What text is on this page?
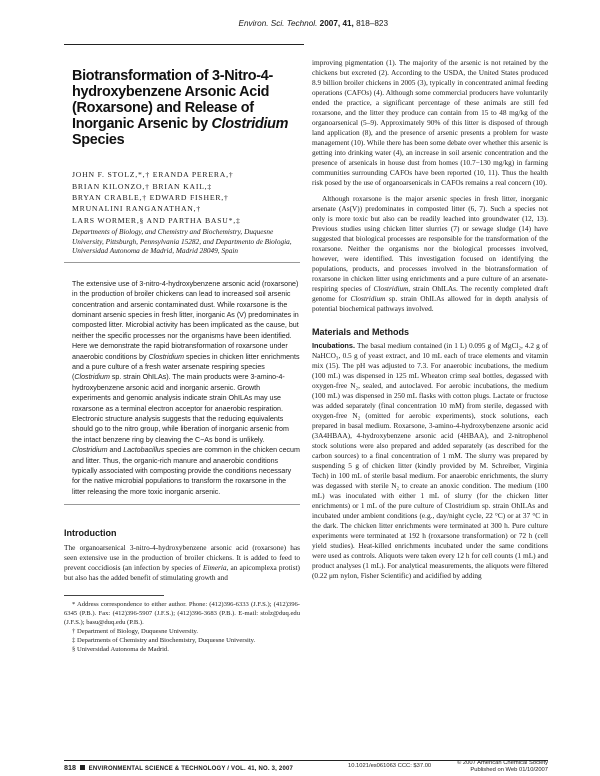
Environ. Sci. Technol. 2007, 41, 818–823
Biotransformation of 3-Nitro-4-hydroxybenzene Arsonic Acid (Roxarsone) and Release of Inorganic Arsenic by Clostridium Species
JOHN F. STOLZ,*,† ERANDA PERERA,†
BRIAN KILONZO,† BRIAN KAIL,‡
BRYAN CRABLE,† EDWARD FISHER,†
MRUNALINI RANGANATHAN,†
LARS WORMER,§ AND PARTHA BASU*,‡
Departments of Biology, and Chemistry and Biochemistry, Duquesne University, Pittsburgh, Pennsylvania 15282, and Departmento de Biologia, Universidad Autonoma de Madrid, Madrid 28049, Spain
The extensive use of 3-nitro-4-hydroxybenzene arsonic acid (roxarsone) in the production of broiler chickens can lead to increased soil arsenic concentration and arsenic contaminated dust. While roxarsone is the dominant arsenic species in fresh litter, inorganic As (V) predominates in composted litter. Microbial activity has been implicated as the cause, but neither the specific processes nor the organisms have been identified. Here we demonstrate the rapid biotransformation of roxarsone under anaerobic conditions by Clostridium species in chicken litter enrichments and a pure culture of a fresh water arsenate respiring species (Clostridium sp. strain OhILAs). The main products were 3-amino-4-hydroxybenzene arsonic acid and inorganic arsenic. Growth experiments and genomic analysis indicate strain OhILAs may use roxarsone as a terminal electron acceptor for anaerobic respiration. Electronic structure analysis suggests that the reducing equivalents should go to the nitro group, while liberation of inorganic arsenic from the intact benzene ring by cleaving the C−As bond is unlikely. Clostridium and Lactobacillus species are common in the chicken cecum and litter. Thus, the organic-rich manure and anaerobic conditions typically associated with composting provide the conditions necessary for the native microbial populations to transform the roxarsone in the litter releasing the more toxic inorganic arsenic.
Introduction

The organoarsenical 3-nitro-4-hydroxybenzene arsonic acid (roxarsone) has seen extensive use in the production of broiler chickens. It is added to feed to prevent coccidiosis (an infection by species of Eimeria, an apicomplexa protist) but also has the added benefit of stimulating growth and

* Address correspondence to either author. Phone: (412)396-6333 (J.F.S.); (412)396-6345 (P.B.). Fax: (412)396-5907 (J.F.S.); (412)396-3683 (P.B.). E-mail: stolz@duq.edu (J.F.S.); basu@duq.edu (P.B.).

† Department of Biology, Duquesne University.

‡ Departments of Chemistry and Biochemistry, Duquesne University.

§ Universidad Autonoma de Madrid.

improving pigmentation (1). The majority of the arsenic is not retained by the chickens but excreted (2). According to the USDA, the United States produced 8.9 billion broiler chickens in 2005 (3), typically in concentrated animal feeding operations (CAFOs) (4). Although some commercial producers have voluntarily ended the practice, a significant percentage of these animals are still fed roxarsone, and the litter they produce can contain from 15 to 48 mg/kg of the organoarsenical (5–9). Approximately 90% of this litter is disposed of through land application (8), and the presence of arsenic presents a problem for waste management (10). While there has been some debate over whether this arsenic is getting into drinking water (4), an increase in soil arsenic concentration and the presence of arsenicals in house dust from homes (10.7−130 mg/kg) in farming communities surrounding CAFOs have been reported (10, 11). Thus the health risk posed by the use of organoarsenicals in CAFOs remains a real concern (10).

Although roxarsone is the major arsenic species in fresh litter, inorganic arsenate (As(V)) predominates in composted litter (6, 7). Such a species not only is more toxic but also can be readily leached into groundwater (12, 13). Previous studies using chicken litter slurries (7) or sewage sludge (14) have suggested that biological processes are responsible for the transformation of the roxarsone. Neither the organisms nor the biological processes involved, however, were identified. This investigation focused on identifying the populations, products, and processes involved in the biotransformation of roxarsone in chicken litter using enrichments and a pure culture of an arsenate-respiring species of Clostridium, strain OhILAs. The recently completed draft genome for Clostridium sp. strain OhILAs allowed for in depth analysis of potential biochemical pathways involved.

Materials and Methods

Incubations. The basal medium contained (in 1 L) 0.095 g of MgCl₂, 4.2 g of NaHCO₃, 0.5 g of yeast extract, and 10 mL each of trace elements and vitamin mix (15). The pH was adjusted to 7.3. For anaerobic incubations, the medium (100 mL) was dispensed in 125 mL Wheaton crimp seal bottles, degassed with oxygen-free N₂, sealed, and autoclaved. For aerobic incubations, the medium (100 mL) was dispensed in 250 mL flasks with cotton plugs. Lactate or fructose was added separately (final concentration 10 mM) from sterile, degassed with oxygen-free N₂ (omitted for aerobic experiments), stock solutions, each prepared in basal medium. Roxarsone, 3-amino-4-hydroxybenzene arsonic acid (3A4HBAA), 4-hydroxybenzene arsonic acid (4HBAA), and 2-nitrophenol stock solutions were also prepared and added separately (as described for the carbon sources) to a final concentration of 1 mM. The slurry was prepared by suspending 5 g of chicken litter (kindly provided by M. Schreiber, Virginia Tech) in 100 mL of sterile basal medium. For anaerobic enrichments, the slurry was degassed with sterile N₂ to create an anoxic condition. The medium (100 mL) was inoculated with either 1 mL of slurry (for the chicken litter enrichments) or 1 mL of the pure culture of Clostridium sp. strain OhILAs and incubated under ambient conditions (e.g., day/night cycle, 22 °C) or at 37 °C in the dark. The chicken litter enrichments were terminated at 300 h. Pure culture experiments were terminated at 192 h (roxarsone transformation) or 72 h (cell yield studies). Heat-killed enrichments incubated under the same conditions were used as controls. Aliquots were taken every 12 h for cell counts (1 mL) and product analyses (1 mL). For analytical measurements, the aliquots were filtered (0.22 μm nylon, Fisher Scientific) and acidified by adding

818 ENVIRONMENTAL SCIENCE & TECHNOLOGY / VOL. 41, NO. 3, 2007	10.1021/es061063 CCC: $37.00	© 2007 American Chemical Society
Published on Web 01/10/2007
